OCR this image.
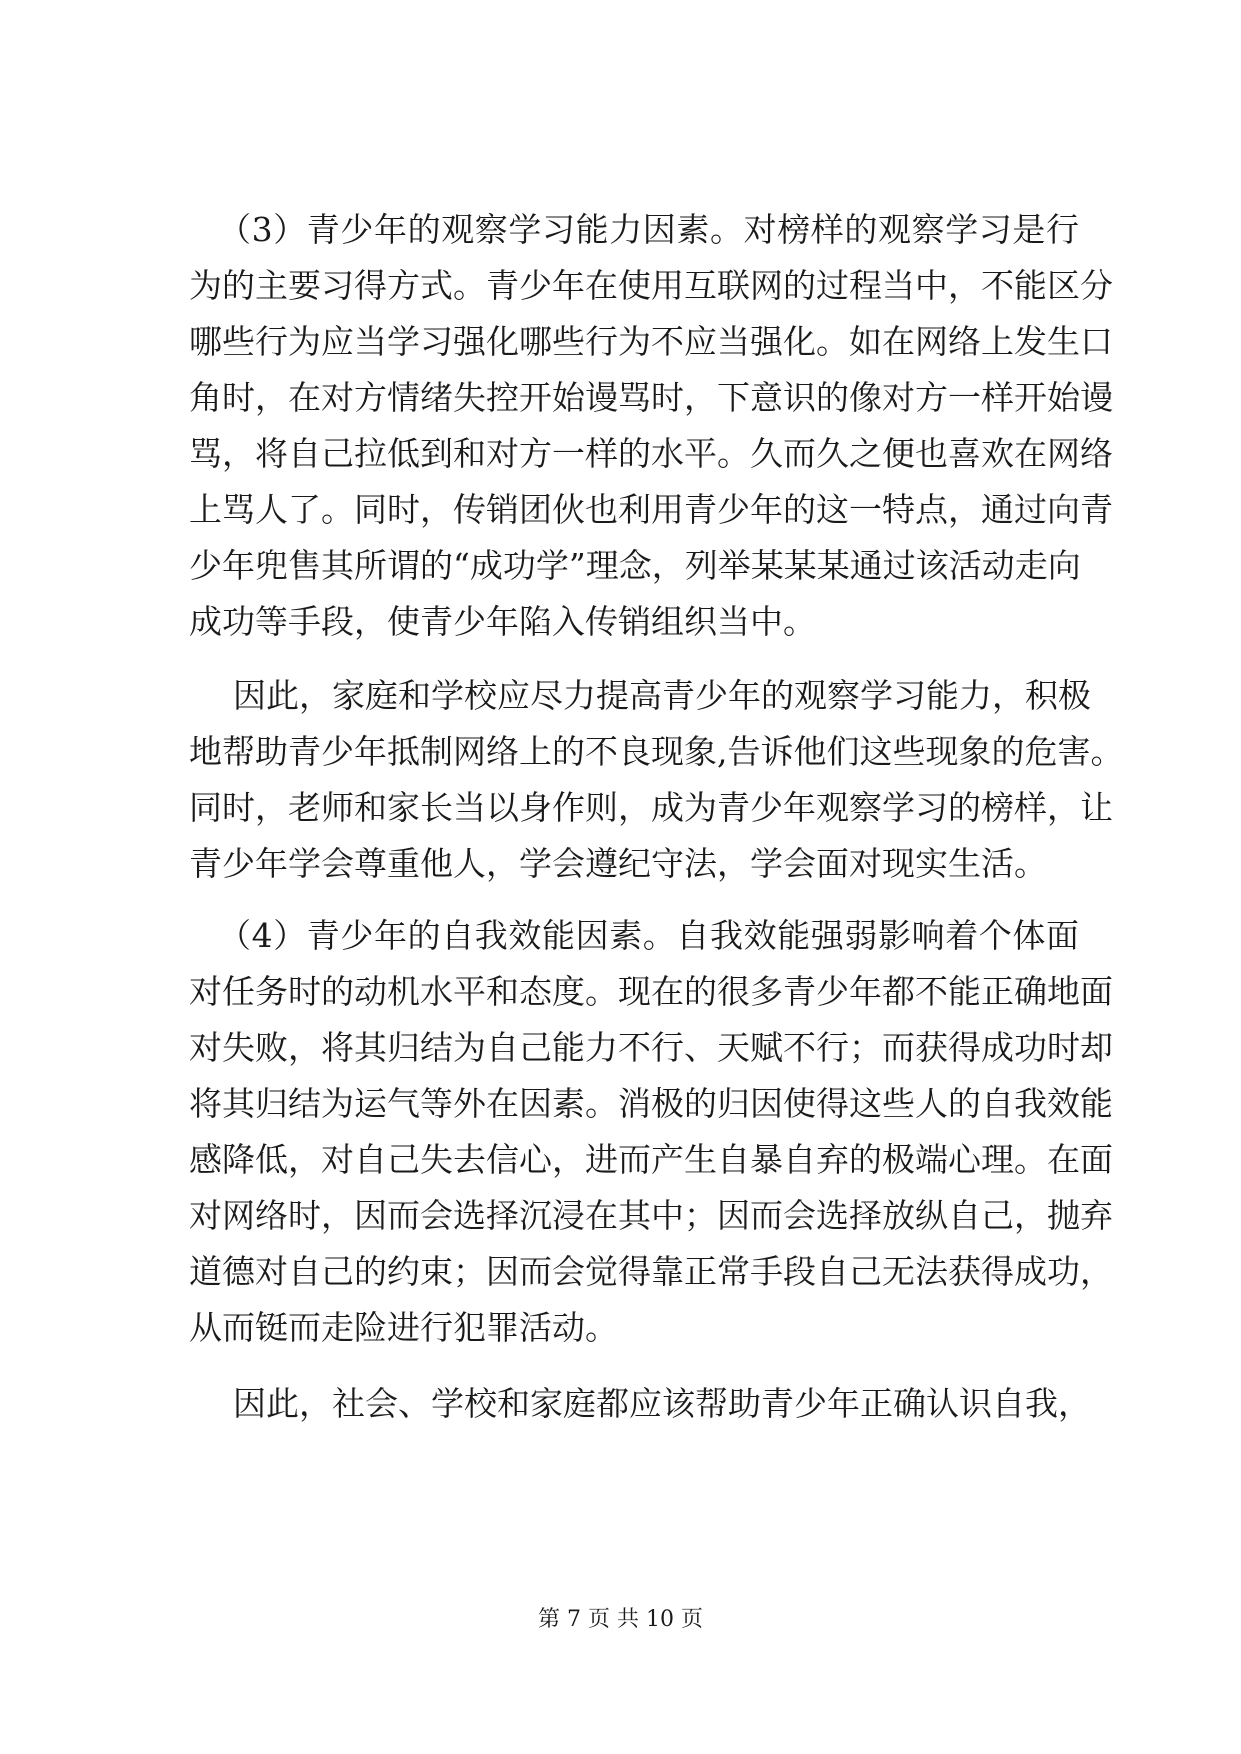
（3）青少年的观察学习能力因素。对榜样的观察学习是行
为的主要习得方式。青少年在使用互联网的过程当中，不能区分
哪些行为应当学习强化哪些行为不应当强化。如在网络上发生口
角时，在对方情绪失控开始谩骂时，下意识的像对方一样开始谩
骂，将自己拉低到和对方一样的水平。久而久之便也喜欢在网络
上骂人了。同时，传销团伙也利用青少年的这一特点，通过向青
少年兜售其所谓的“成功学”理念，列举某某某通过该活动走向
成功等手段，使青少年陷入传销组织当中。
因此，家庭和学校应尽力提高青少年的观察学习能力，积极
地帮助青少年抵制网络上的不良现象,告诉他们这些现象的危害。
同时，老师和家长当以身作则，成为青少年观察学习的榜样，让
青少年学会尊重他人，学会遵纪守法，学会面对现实生活。
（4）青少年的自我效能因素。自我效能强弱影响着个体面
对任务时的动机水平和态度。现在的很多青少年都不能正确地面
对失败，将其归结为自己能力不行、天赋不行；而获得成功时却
将其归结为运气等外在因素。消极的归因使得这些人的自我效能
感降低，对自己失去信心，进而产生自暴自弃的极端心理。在面
对网络时，因而会选择沉浸在其中；因而会选择放纵自己，抛弃
道德对自己的约束；因而会觉得靠正常手段自己无法获得成功，
从而铤而走险进行犯罪活动。
因此，社会、学校和家庭都应该帮助青少年正确认识自我，
第 7 页 共 10 页
